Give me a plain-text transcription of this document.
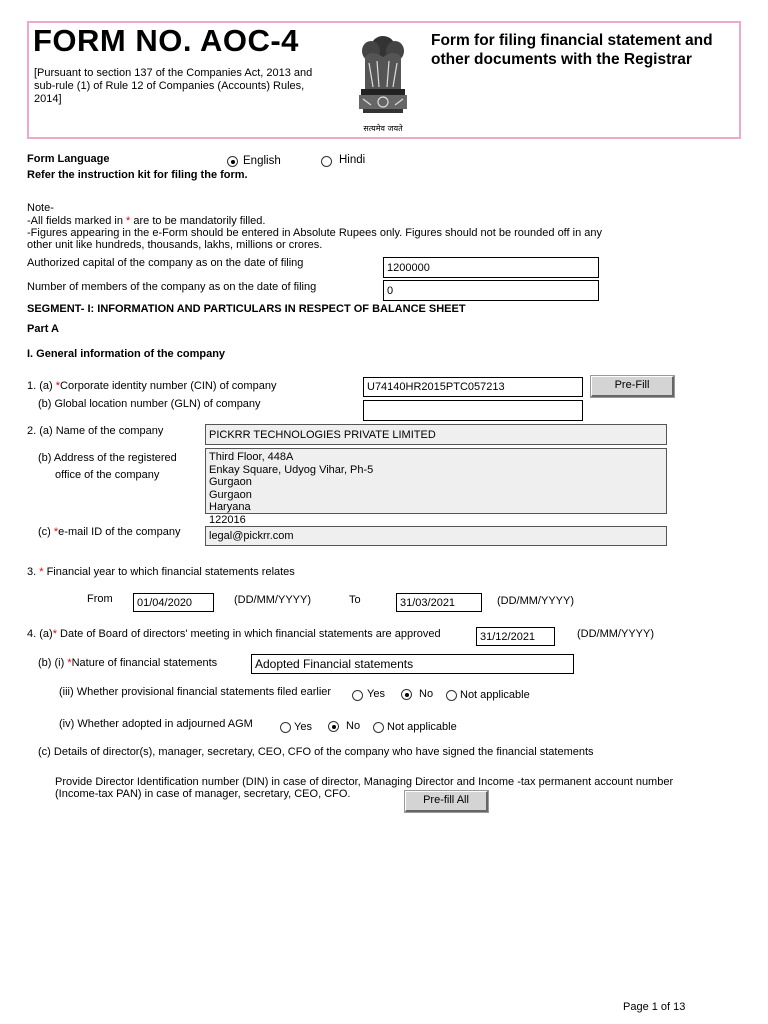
FORM NO. AOC-4
[Pursuant to section 137 of the Companies Act, 2013 and sub-rule (1) of Rule 12 of Companies (Accounts) Rules, 2014]
सत्यमेव जयते
Form for filing financial statement and other documents with the Registrar
Form Language	English	Hindi
Refer the instruction kit for filing the form.
Note-
-All fields marked in * are to be mandatorily filled.
-Figures appearing in the e-Form should be entered in Absolute Rupees only. Figures should not be rounded off in any
other unit like hundreds, thousands, lakhs, millions or crores.
Authorized capital of the company as on the date of filing	1200000
Number of members of the company as on the date of filing	0
SEGMENT- I: INFORMATION AND PARTICULARS IN RESPECT OF BALANCE SHEET
Part A
I. General information of the company
1. (a) *Corporate identity number (CIN) of company	U74140HR2015PTC057213	Pre-Fill
(b) Global location number (GLN) of company
2. (a) Name of the company	PICKRR TECHNOLOGIES PRIVATE LIMITED
(b) Address of the registered
office of the company
Third Floor, 448A
Enkay Square, Udyog Vihar, Ph-5
Gurgaon
Gurgaon
Haryana
122016
(c) *e-mail ID of the company	legal@pickrr.com
3. * Financial year to which financial statements relates
From	01/04/2020	(DD/MM/YYYY)	To	31/03/2021	(DD/MM/YYYY)
4. (a)* Date of Board of directors' meeting in which financial statements are approved	31/12/2021	(DD/MM/YYYY)
(b) (i) *Nature of financial statements	Adopted Financial statements
(iii) Whether provisional financial statements filed earlier	Yes	No Not applicable
(iv) Whether adopted in adjourned AGM	Yes	No Not applicable
(c) Details of director(s), manager, secretary, CEO, CFO of the company who have signed the financial statements
Provide Director Identification number (DIN) in case of director, Managing Director and Income -tax permanent account number
(Income-tax PAN) in case of manager, secretary, CEO, CFO.	Pre-fill All
Page 1 of 13
